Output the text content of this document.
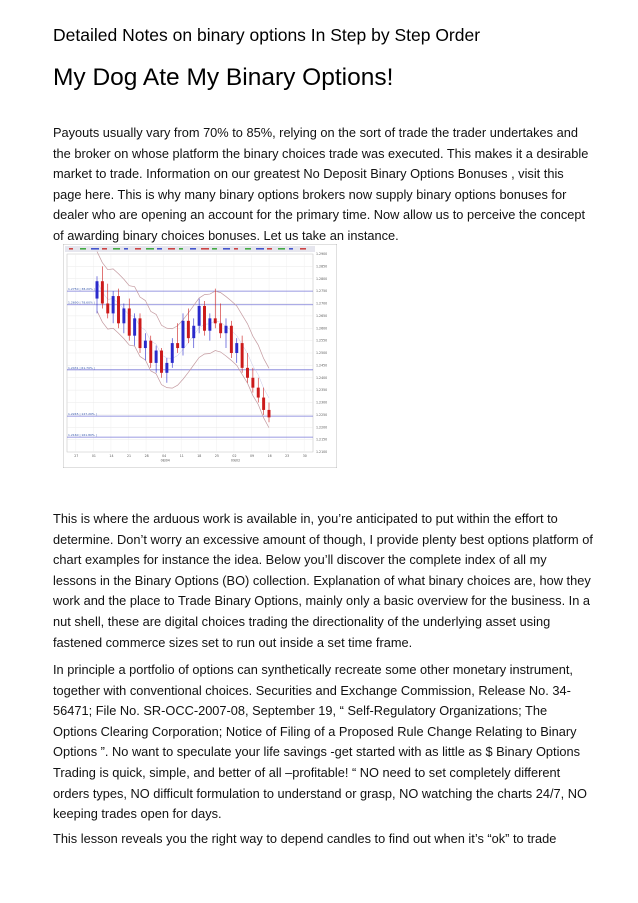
Detailed Notes on binary options In Step by Step Order
My Dog Ate My Binary Options!
Payouts usually vary from 70% to 85%, relying on the sort of trade the trader undertakes and the broker on whose platform the binary choices trade was executed. This makes it a desirable market to trade. Information on our greatest No Deposit Binary Options Bonuses , visit this page here. This is why many binary options brokers now supply binary options bonuses for dealer who are opening an account for the primary time. Now allow us to perceive the concept of awarding binary choices bonuses. Let us take an instance.
1.2750 | 38.20% |
1.2690 | 78.60% |
1.2431 | 61.70% |
1.2245 | 127.20% |
1.2160 | 161.80% |
1.2100
1.2150
1.2200
1.2250
1.2300
1.2350
1.2400
1.2450
1.2500
1.2550
1.2600
1.2650
1.2700
1.2750
1.2800
1.2850
1.2900
27	01	14	21	28	04
08/04
11	18	25	02
09/02
09	16	23	30
This is where the arduous work is available in, you’re anticipated to put within the effort to determine. Don’t worry an excessive amount of though, I provide plenty best options platform of chart examples for instance the idea. Below you’ll discover the complete index of all my lessons in the Binary Options (BO) collection. Explanation of what binary choices are, how they work and the place to Trade Binary Options, mainly only a basic overview for the business. In a nut shell, these are digital choices trading the directionality of the underlying asset using fastened commerce sizes set to run out inside a set time frame.
In principle a portfolio of options can synthetically recreate some other monetary instrument, together with conventional choices. Securities and Exchange Commission, Release No. 34-56471; File No. SR-OCC-2007-08, September 19, “ Self-Regulatory Organizations; The Options Clearing Corporation; Notice of Filing of a Proposed Rule Change Relating to Binary Options ”. No want to speculate your life savings -get started with as little as $ Binary Options Trading is quick, simple, and better of all –profitable! “ NO need to set completely different orders types, NO difficult formulation to understand or grasp, NO watching the charts 24/7, NO keeping trades open for days.
This lesson reveals you the right way to depend candles to find out when it’s “ok” to trade
